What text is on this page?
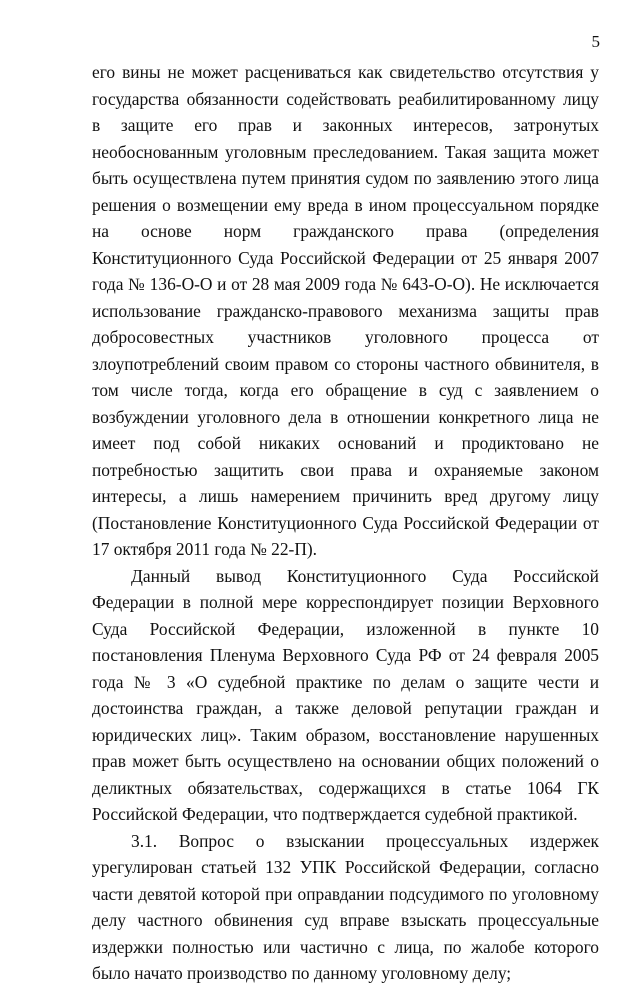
5

его вины не может расцениваться как свидетельство отсутствия у государства обязанности содействовать реабилитированному лицу в защите его прав и законных интересов, затронутых необоснованным уголовным преследованием. Такая защита может быть осуществлена путем принятия судом по заявлению этого лица решения о возмещении ему вреда в ином процессуальном порядке на основе норм гражданского права (определения Конституционного Суда Российской Федерации от 25 января 2007 года № 136-О-О и от 28 мая 2009 года № 643-О-О). Не исключается использование гражданско-правового механизма защиты прав добросовестных участников уголовного процесса от злоупотреблений своим правом со стороны частного обвинителя, в том числе тогда, когда его обращение в суд с заявлением о возбуждении уголовного дела в отношении конкретного лица не имеет под собой никаких оснований и продиктовано не потребностью защитить свои права и охраняемые законом интересы, а лишь намерением причинить вред другому лицу (Постановление Конституционного Суда Российской Федерации от 17 октября 2011 года № 22-П).

Данный вывод Конституционного Суда Российской Федерации в полной мере корреспондирует позиции Верховного Суда Российской Федерации, изложенной в пункте 10 постановления Пленума Верховного Суда РФ от 24 февраля 2005 года № 3 «О судебной практике по делам о защите чести и достоинства граждан, а также деловой репутации граждан и юридических лиц». Таким образом, восстановление нарушенных прав может быть осуществлено на основании общих положений о деликтных обязательствах, содержащихся в статье 1064 ГК Российской Федерации, что подтверждается судебной практикой.

3.1. Вопрос о взыскании процессуальных издержек урегулирован статьей 132 УПК Российской Федерации, согласно части девятой которой при оправдании подсудимого по уголовному делу частного обвинения суд вправе взыскать процессуальные издержки полностью или частично с лица, по жалобе которого было начато производство по данному уголовному делу;
